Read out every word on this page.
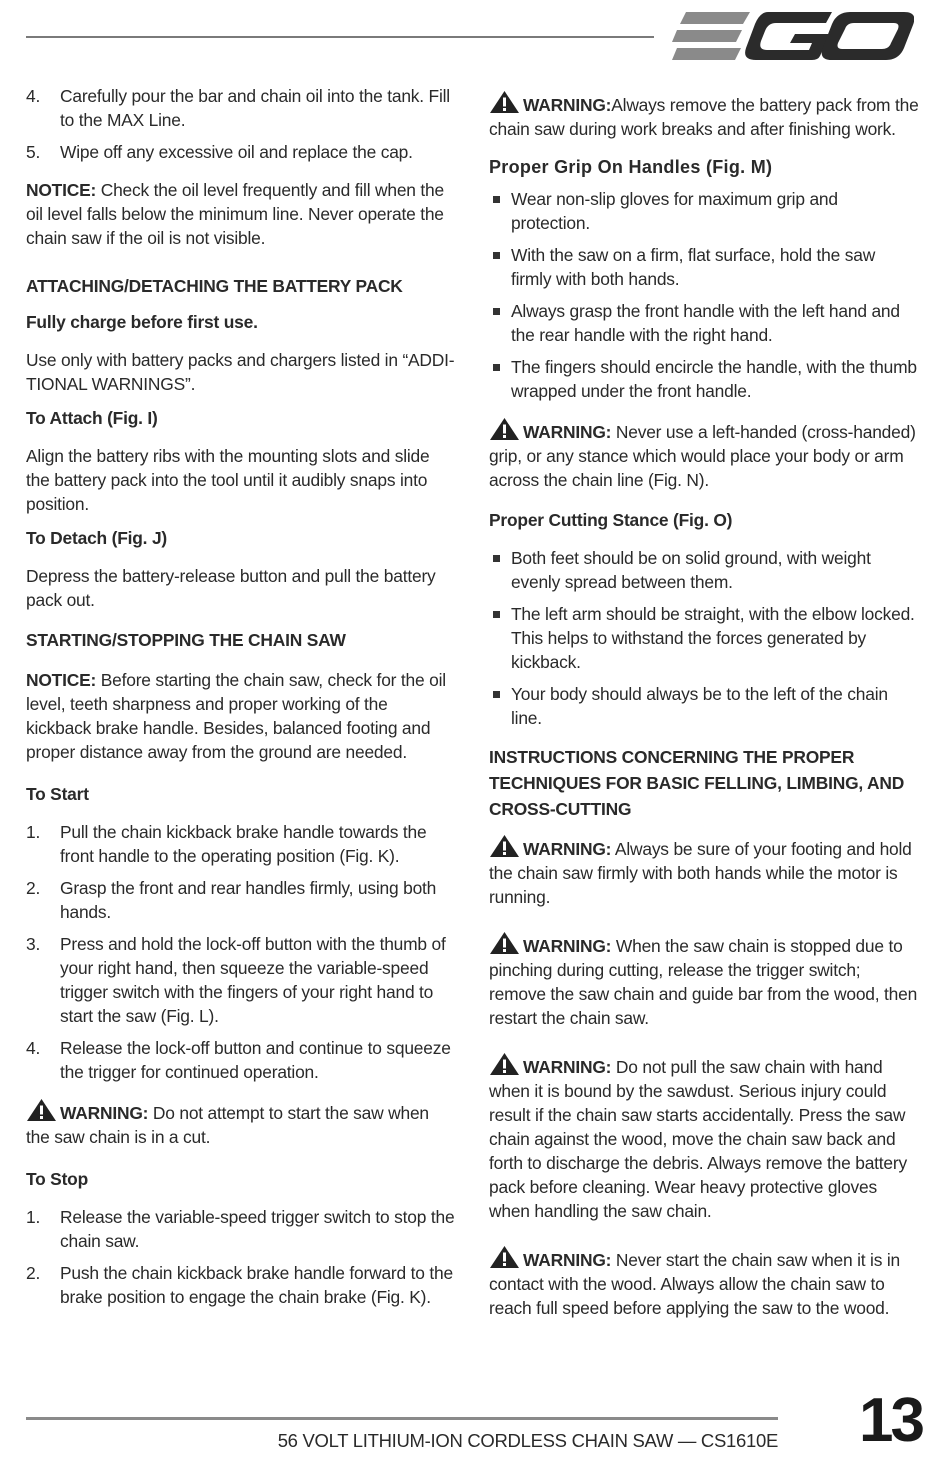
4.	Carefully pour the bar and chain oil into the tank. Fill to the MAX Line.
5.	Wipe off any excessive oil and replace the cap.

NOTICE: Check the oil level frequently and fill when the oil level falls below the minimum line. Never operate the chain saw if the oil is not visible.

ATTACHING/DETACHING THE BATTERY PACK

Fully charge before first use.

Use only with battery packs and chargers listed in “ADDI-TIONAL WARNINGS”.

To Attach (Fig. I)

Align the battery ribs with the mounting slots and slide the battery pack into the tool until it audibly snaps into position.

To Detach (Fig. J)

Depress the battery-release button and pull the battery pack out.

STARTING/STOPPING THE CHAIN SAW

NOTICE: Before starting the chain saw, check for the oil level, teeth sharpness and proper working of the kickback brake handle. Besides, balanced footing and proper distance away from the ground are needed.

To Start

1.	Pull the chain kickback brake handle towards the front handle to the operating position (Fig. K).
2.	Grasp the front and rear handles firmly, using both hands.
3.	Press and hold the lock-off button with the thumb of your right hand, then squeeze the variable-speed trigger switch with the fingers of your right hand to start the saw (Fig. L).
4.	Release the lock-off button and continue to squeeze the trigger for continued operation.

WARNING: Do not attempt to start the saw when the saw chain is in a cut.

To Stop

1.	Release the variable-speed trigger switch to stop the chain saw.
2.	Push the chain kickback brake handle forward to the brake position to engage the chain brake (Fig. K).

WARNING:Always remove the battery pack from the chain saw during work breaks and after finishing work.

Proper Grip On Handles (Fig. M)

Wear non-slip gloves for maximum grip and protection.
With the saw on a firm, flat surface, hold the saw firmly with both hands.
Always grasp the front handle with the left hand and the rear handle with the right hand.
The fingers should encircle the handle, with the thumb wrapped under the front handle.

WARNING: Never use a left-handed (cross-handed) grip, or any stance which would place your body or arm across the chain line (Fig. N).

Proper Cutting Stance (Fig. O)

Both feet should be on solid ground, with weight evenly spread between them.
The left arm should be straight, with the elbow locked. This helps to withstand the forces generated by kickback.
Your body should always be to the left of the chain line.

INSTRUCTIONS CONCERNING THE PROPER TECHNIQUES FOR BASIC FELLING, LIMBING, AND CROSS-CUTTING

WARNING: Always be sure of your footing and hold the chain saw firmly with both hands while the motor is running.

WARNING: When the saw chain is stopped due to pinching during cutting, release the trigger switch; remove the saw chain and guide bar from the wood, then restart the chain saw.

WARNING: Do not pull the saw chain with hand when it is bound by the sawdust. Serious injury could result if the chain saw starts accidentally. Press the saw chain against the wood, move the chain saw back and forth to discharge the debris. Always remove the battery pack before cleaning. Wear heavy protective gloves when handling the saw chain.

WARNING: Never start the chain saw when it is in contact with the wood. Always allow the chain saw to reach full speed before applying the saw to the wood.

56 VOLT LITHIUM-ION CORDLESS CHAIN SAW — CS1610E 13
